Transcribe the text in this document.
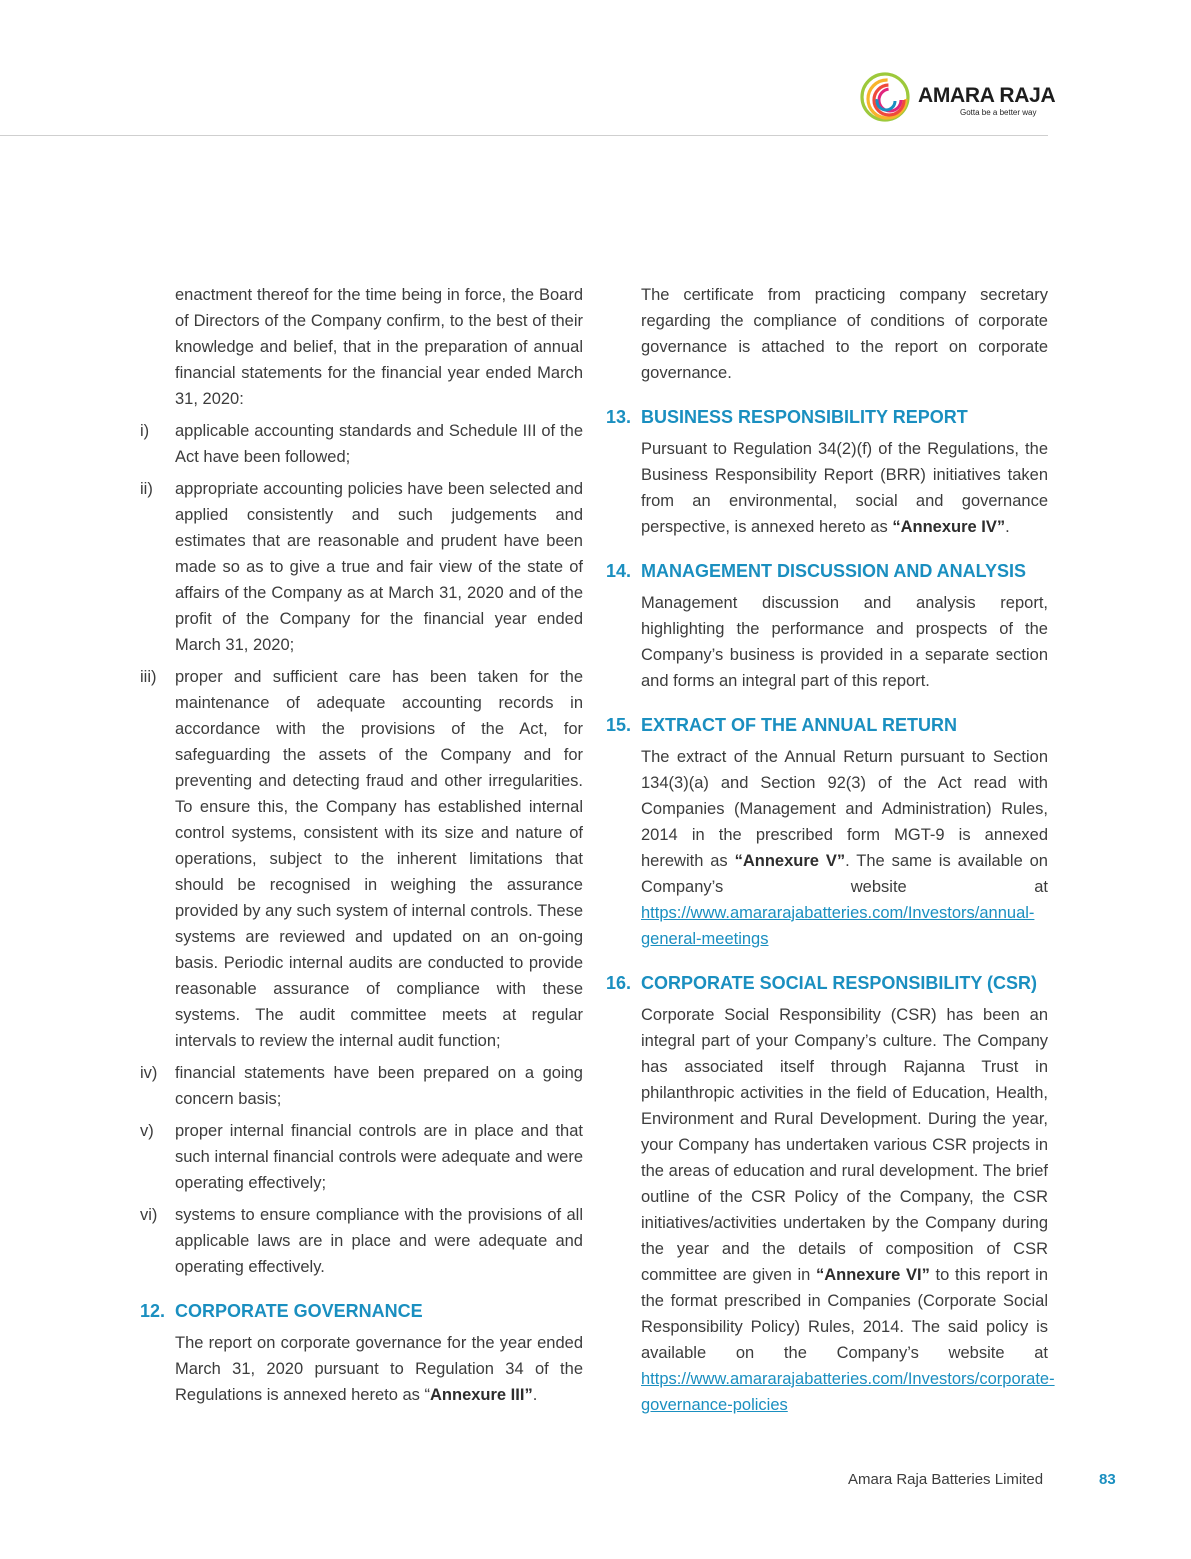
AMARA RAJA
Gotta be a better way

enactment thereof for the time being in force, the Board of Directors of the Company confirm, to the best of their knowledge and belief, that in the preparation of annual financial statements for the financial year ended March 31, 2020:

i) applicable accounting standards and Schedule III of the Act have been followed;

ii) appropriate accounting policies have been selected and applied consistently and such judgements and estimates that are reasonable and prudent have been made so as to give a true and fair view of the state of affairs of the Company as at March 31, 2020 and of the profit of the Company for the financial year ended March 31, 2020;

iii) proper and sufficient care has been taken for the maintenance of adequate accounting records in accordance with the provisions of the Act, for safeguarding the assets of the Company and for preventing and detecting fraud and other irregularities. To ensure this, the Company has established internal control systems, consistent with its size and nature of operations, subject to the inherent limitations that should be recognised in weighing the assurance provided by any such system of internal controls. These systems are reviewed and updated on an on-going basis. Periodic internal audits are conducted to provide reasonable assurance of compliance with these systems. The audit committee meets at regular intervals to review the internal audit function;

iv) financial statements have been prepared on a going concern basis;

v) proper internal financial controls are in place and that such internal financial controls were adequate and were operating effectively;

vi) systems to ensure compliance with the provisions of all applicable laws are in place and were adequate and operating effectively.

12. CORPORATE GOVERNANCE

The report on corporate governance for the year ended March 31, 2020 pursuant to Regulation 34 of the Regulations is annexed hereto as “Annexure III”.

The certificate from practicing company secretary regarding the compliance of conditions of corporate governance is attached to the report on corporate governance.

13. BUSINESS RESPONSIBILITY REPORT

Pursuant to Regulation 34(2)(f) of the Regulations, the Business Responsibility Report (BRR) initiatives taken from an environmental, social and governance perspective, is annexed hereto as “Annexure IV”.

14. MANAGEMENT DISCUSSION AND ANALYSIS

Management discussion and analysis report, highlighting the performance and prospects of the Company’s business is provided in a separate section and forms an integral part of this report.

15. EXTRACT OF THE ANNUAL RETURN

The extract of the Annual Return pursuant to Section 134(3)(a) and Section 92(3) of the Act read with Companies (Management and Administration) Rules, 2014 in the prescribed form MGT-9 is annexed herewith as “Annexure V”. The same is available on Company’s website at https://www.amararajabatteries.com/Investors/annual-general-meetings

16. CORPORATE SOCIAL RESPONSIBILITY (CSR)

Corporate Social Responsibility (CSR) has been an integral part of your Company’s culture. The Company has associated itself through Rajanna Trust in philanthropic activities in the field of Education, Health, Environment and Rural Development. During the year, your Company has undertaken various CSR projects in the areas of education and rural development. The brief outline of the CSR Policy of the Company, the CSR initiatives/activities undertaken by the Company during the year and the details of composition of CSR committee are given in “Annexure VI” to this report in the format prescribed in Companies (Corporate Social Responsibility Policy) Rules, 2014. The said policy is available on the Company’s website at https://www.amararajabatteries.com/Investors/corporate-governance-policies

Amara Raja Batteries Limited	83
